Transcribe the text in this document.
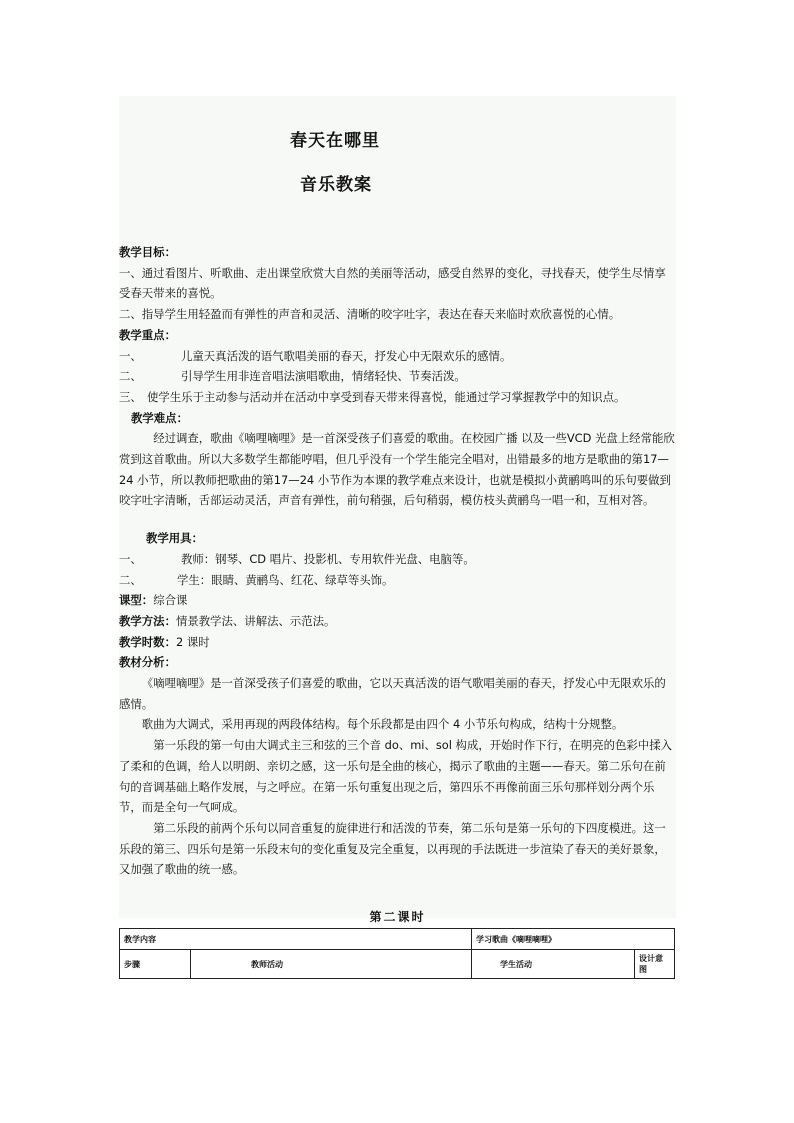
春天在哪里
音乐教案

教学目标：

一、通过看图片、听歌曲、走出课堂欣赏大自然的美丽等活动，感受自然界的变化，寻找春天，使学生尽情享受春天带来的喜悦。

二、指导学生用轻盈而有弹性的声音和灵活、清晰的咬字吐字，表达在春天来临时欢欣喜悦的心情。

教学重点：

一、	儿童天真活泼的语气歌唱美丽的春天，抒发心中无限欢乐的感情。
二、	引导学生用非连音唱法演唱歌曲，情绪轻快、节奏活泼。
三、 使学生乐于主动参与活动并在活动中享受到春天带来得喜悦，能通过学习掌握教学中的知识点。

教学难点：

经过调查，歌曲《嘀哩嘀哩》是一首深受孩子们喜爱的歌曲。在校园广播 以及一些VCD 光盘上经常能欣赏到这首歌曲。所以大多数学生都能哼唱，但几乎没有一个学生能完全唱对，出错最多的地方是歌曲的第17—24 小节，所以教师把歌曲的第17—24 小节作为本课的教学难点来设计，也就是模拟小黄鹂鸣叫的乐句要做到咬字吐字清晰，舌部运动灵活，声音有弹性，前句稍强，后句稍弱，模仿枝头黄鹂鸟一唱一和，互相对答。

教学用具：

一、	教师：钢琴、CD 唱片、投影机、专用软件光盘、电脑等。
二、	学生：眼睛、黄鹂鸟、红花、绿草等头饰。

课型：综合课

教学方法：情景教学法、讲解法、示范法。

教学时数：2 课时

教材分析：

《嘀哩嘀哩》是一首深受孩子们喜爱的歌曲，它以天真活泼的语气歌唱美丽的春天，抒发心中无限欢乐的感情。

歌曲为大调式，采用再现的两段体结构。每个乐段都是由四个 4 小节乐句构成，结构十分规整。

第一乐段的第一句由大调式主三和弦的三个音 do、mi、sol 构成，开始时作下行，在明亮的色彩中揉入了柔和的色调，给人以明朗、亲切之感，这一乐句是全曲的核心，揭示了歌曲的主题——春天。第二乐句在前句的音调基础上略作发展，与之呼应。在第一乐句重复出现之后，第四乐不再像前面三乐句那样划分两个乐节，而是全句一气呵成。

第二乐段的前两个乐句以同音重复的旋律进行和活泼的节奏，第二乐句是第一乐句的下四度模进。这一乐段的第三、四乐句是第一乐段末句的变化重复及完全重复，以再现的手法既进一步渲染了春天的美好景象，又加强了歌曲的统一感。

第二课时
教学内容		学习歌曲《嘀哩嘀哩》	
步骤	教师活动	学生活动	设计意图
